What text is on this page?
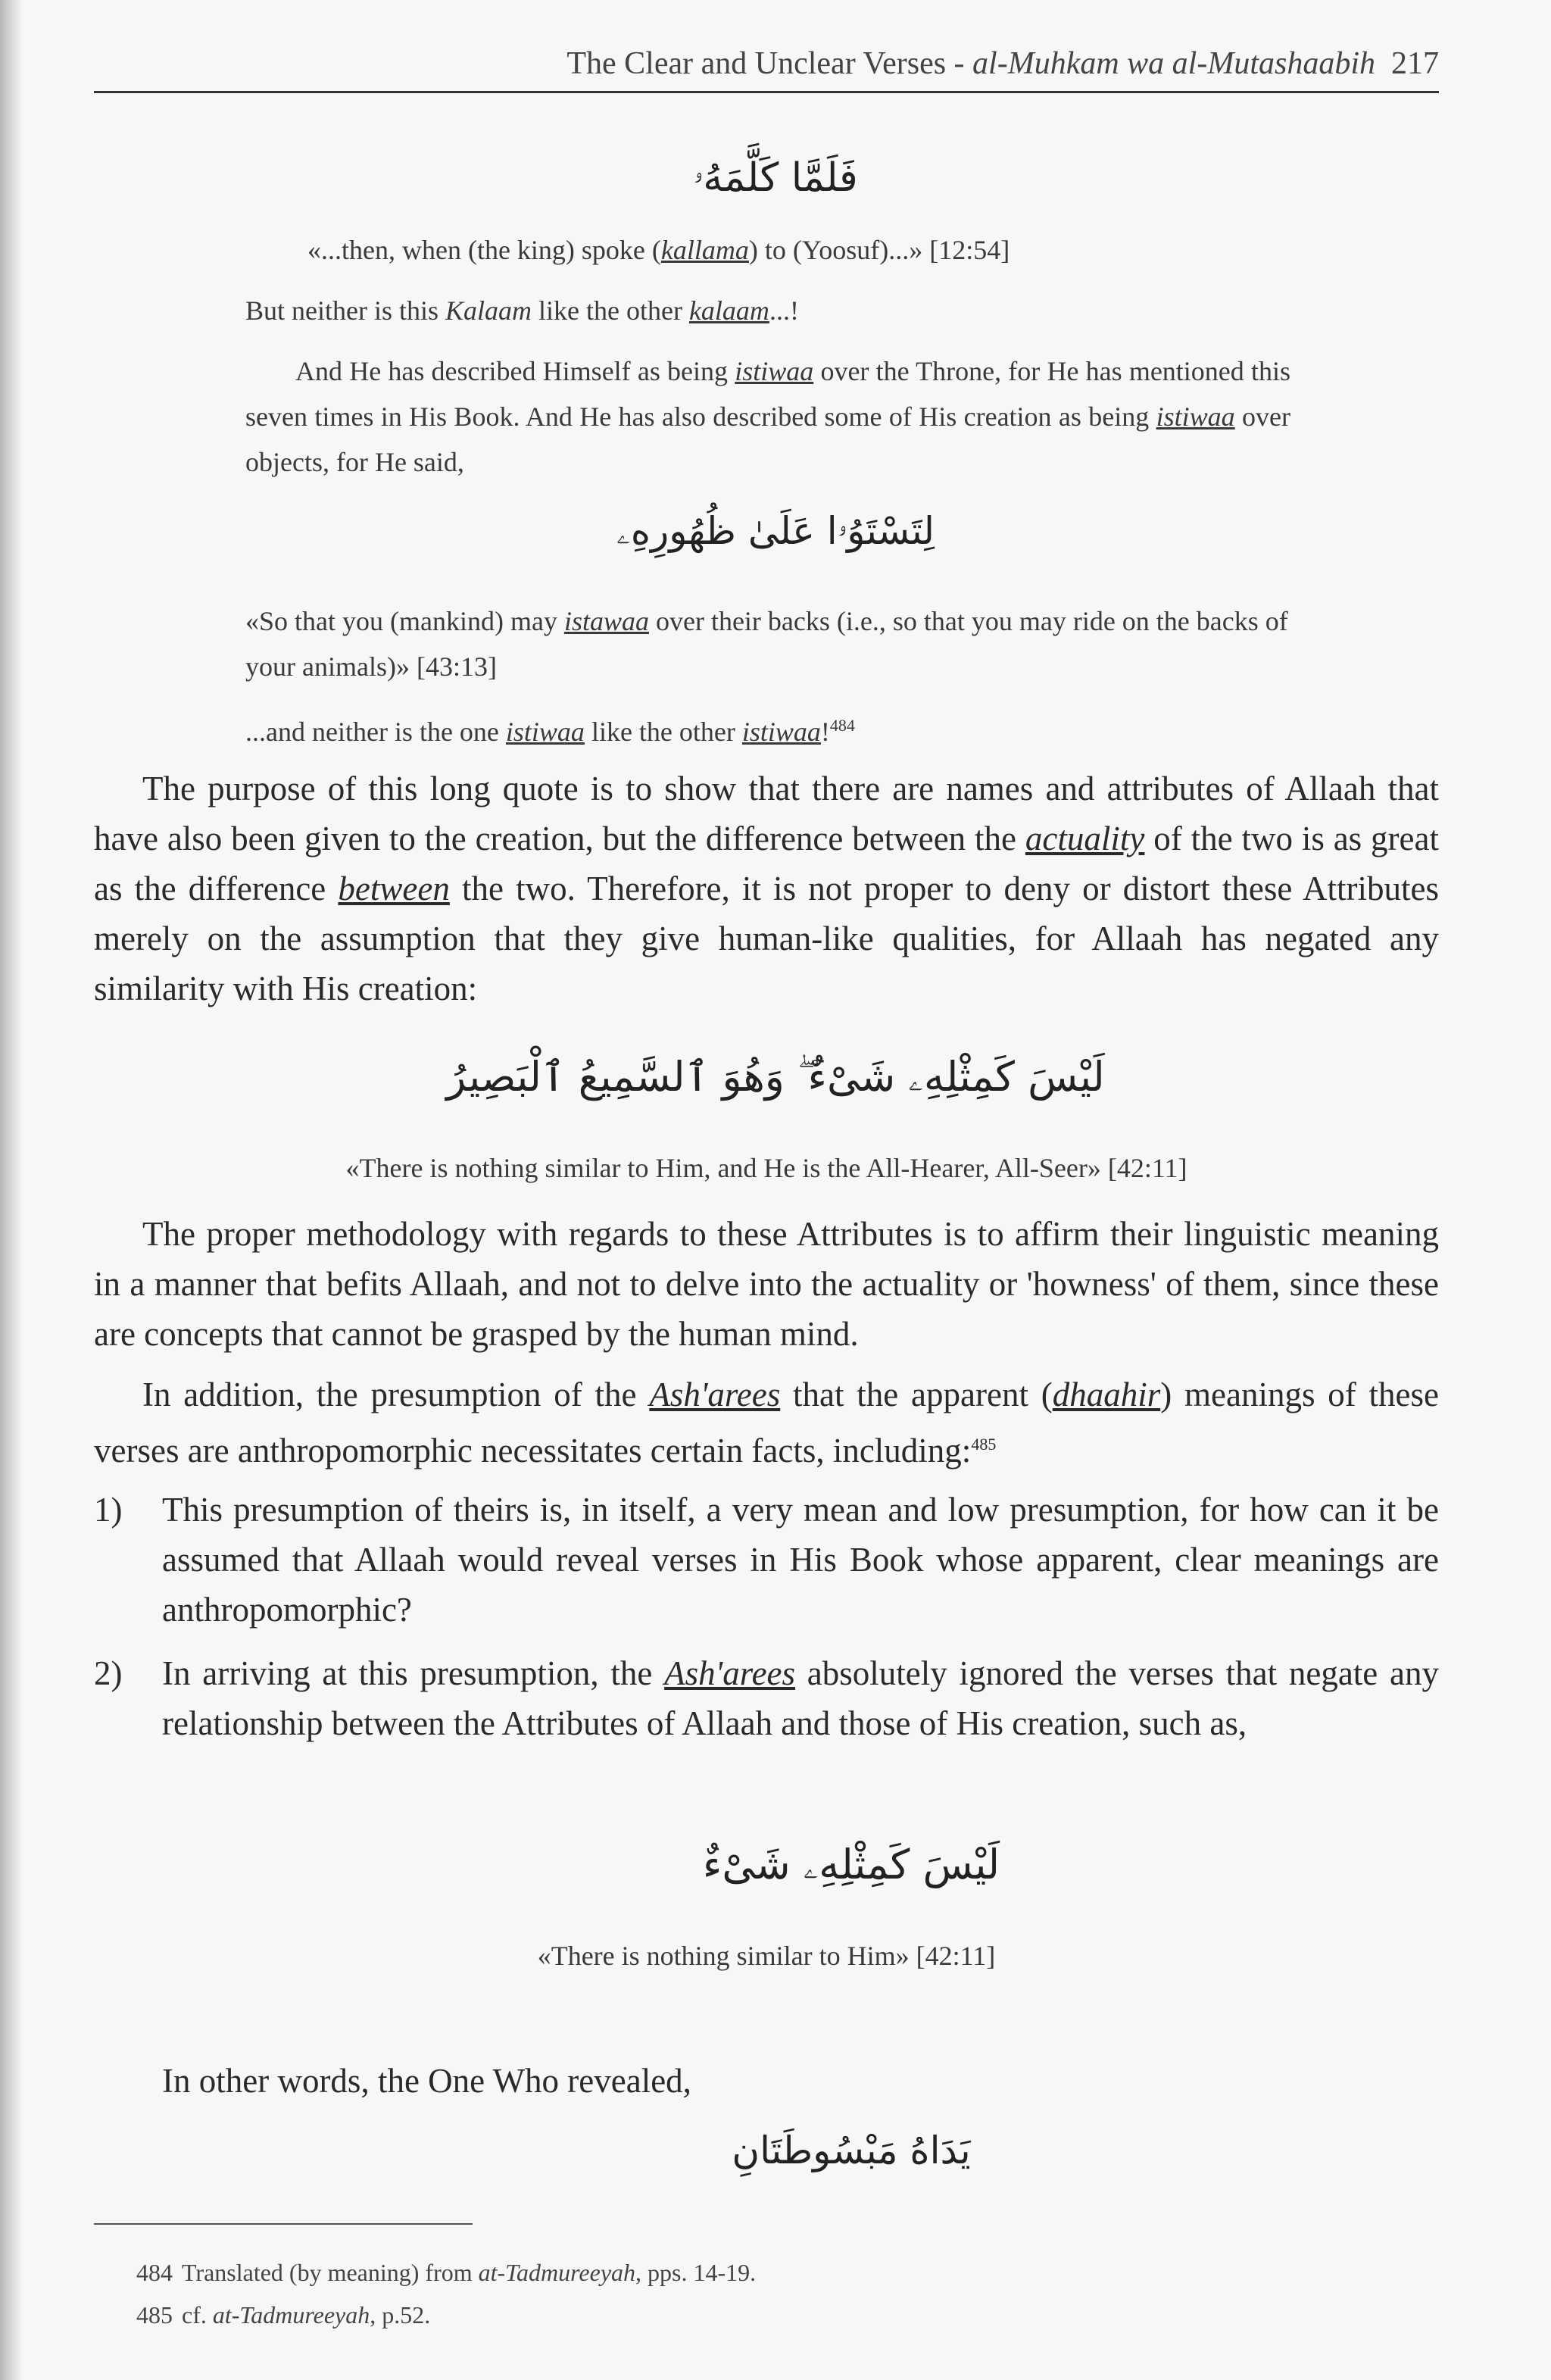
The Clear and Unclear Verses - al-Muhkam wa al-Mutashaabih 217
فَلَمَّا كَلَّمَهُۥ
«...then, when (the king) spoke (kallama) to (Yoosuf)...» [12:54]
But neither is this Kalaam like the other kalaam...!
And He has described Himself as being istiwaa over the Throne, for He has mentioned this seven times in His Book. And He has also described some of His creation as being istiwaa over objects, for He said,
لِتَسْتَوُۥا عَلَىٰ ظُهُورِهِۦ
«So that you (mankind) may istawaa over their backs (i.e., so that you may ride on the backs of your animals)» [43:13]
...and neither is the one istiwaa like the other istiwaa!$^{484}$
The purpose of this long quote is to show that there are names and attributes of Allaah that have also been given to the creation, but the difference between the actuality of the two is as great as the difference between the two. Therefore, it is not proper to deny or distort these Attributes merely on the assumption that they give human-like qualities, for Allaah has negated any similarity with His creation:
لَيْسَ كَمِثْلِهِۦ شَىْءٌ ۖ وَهُوَ ٱلسَّمِيعُ ٱلْبَصِيرُ
«There is nothing similar to Him, and He is the All-Hearer, All-Seer» [42:11]
The proper methodology with regards to these Attributes is to affirm their linguistic meaning in a manner that befits Allaah, and not to delve into the actuality or 'howness' of them, since these are concepts that cannot be grasped by the human mind.
In addition, the presumption of the Ash'arees that the apparent (dhaahir) meanings of these verses are anthropomorphic necessitates certain facts, including:$^{485}$
1) This presumption of theirs is, in itself, a very mean and low presumption, for how can it be assumed that Allaah would reveal verses in His Book whose apparent, clear meanings are anthropomorphic?
2) In arriving at this presumption, the Ash'arees absolutely ignored the verses that negate any relationship between the Attributes of Allaah and those of His creation, such as,
لَيْسَ كَمِثْلِهِۦ شَىْءٌ
«There is nothing similar to Him» [42:11]
In other words, the One Who revealed,
يَدَاهُ مَبْسُوطَتَانِ
484 Translated (by meaning) from at-Tadmureeyah, pps. 14-19.
485 cf. at-Tadmureeyah, p.52.
